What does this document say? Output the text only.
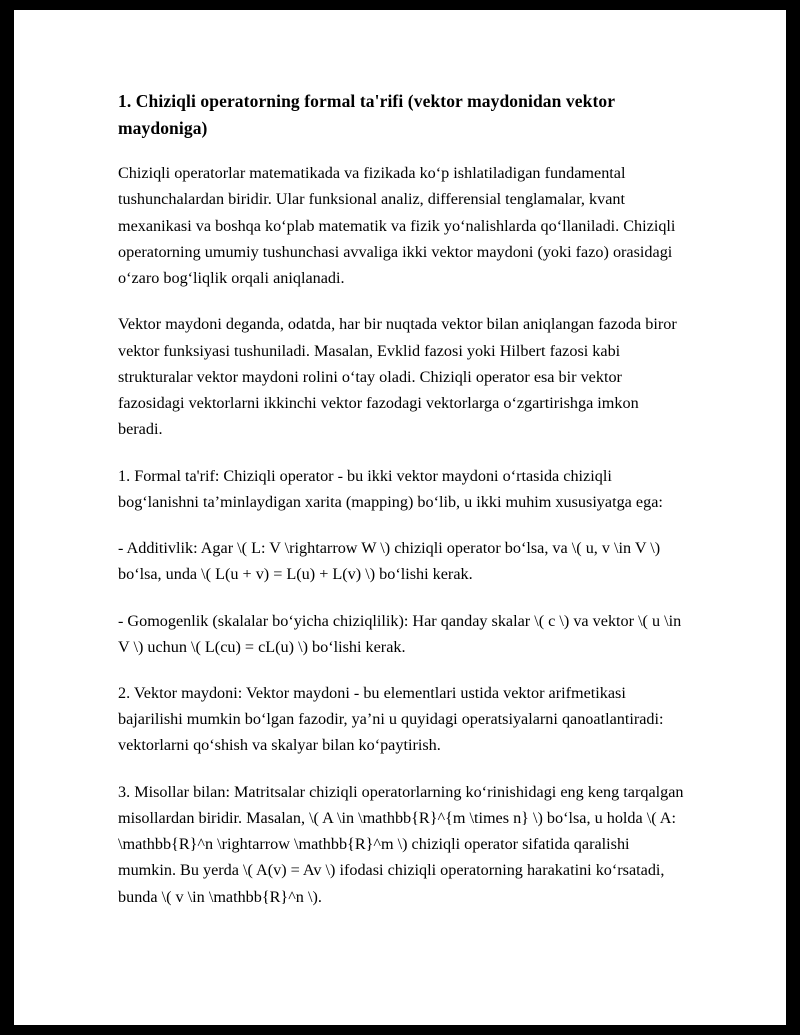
1. Chiziqli operatorning formal ta'rifi (vektor maydonidan vektor maydoniga)

Chiziqli operatorlar matematikada va fizikada ko‘p ishlatiladigan fundamental tushunchalardan biridir. Ular funksional analiz, differensial tenglamalar, kvant mexanikasi va boshqa ko‘plab matematik va fizik yo‘nalishlarda qo‘llaniladi. Chiziqli operatorning umumiy tushunchasi avvaliga ikki vektor maydoni (yoki fazo) orasidagi o‘zaro bog‘liqlik orqali aniqlanadi.

Vektor maydoni deganda, odatda, har bir nuqtada vektor bilan aniqlangan fazoda biror vektor funksiyasi tushuniladi. Masalan, Evklid fazosi yoki Hilbert fazosi kabi strukturalar vektor maydoni rolini o‘tay oladi. Chiziqli operator esa bir vektor fazosidagi vektorlarni ikkinchi vektor fazodagi vektorlarga o‘zgartirishga imkon beradi.

1. Formal ta'rif: Chiziqli operator - bu ikki vektor maydoni o‘rtasida chiziqli bog‘lanishni ta’minlaydigan xarita (mapping) bo‘lib, u ikki muhim xususiyatga ega:

- Additivlik: Agar \( L: V \rightarrow W \) chiziqli operator bo‘lsa, va \( u, v \in V \) bo‘lsa, unda \( L(u + v) = L(u) + L(v) \) bo‘lishi kerak.

- Gomogenlik (skalalar bo‘yicha chiziqlilik): Har qanday skalar \( c \) va vektor \( u \in V \) uchun \( L(cu) = cL(u) \) bo‘lishi kerak.

2. Vektor maydoni: Vektor maydoni - bu elementlari ustida vektor arifmetikasi bajarilishi mumkin bo‘lgan fazodir, ya’ni u quyidagi operatsiyalarni qanoatlantiradi: vektorlarni qo‘shish va skalyar bilan ko‘paytirish.

3. Misollar bilan: Matritsalar chiziqli operatorlarning ko‘rinishidagi eng keng tarqalgan misollardan biridir. Masalan, \( A \in \mathbb{R}^{m \times n} \) bo‘lsa, u holda \( A: \mathbb{R}^n \rightarrow \mathbb{R}^m \) chiziqli operator sifatida qaralishi mumkin. Bu yerda \( A(v) = Av \) ifodasi chiziqli operatorning harakatini ko‘rsatadi, bunda \( v \in \mathbb{R}^n \).
